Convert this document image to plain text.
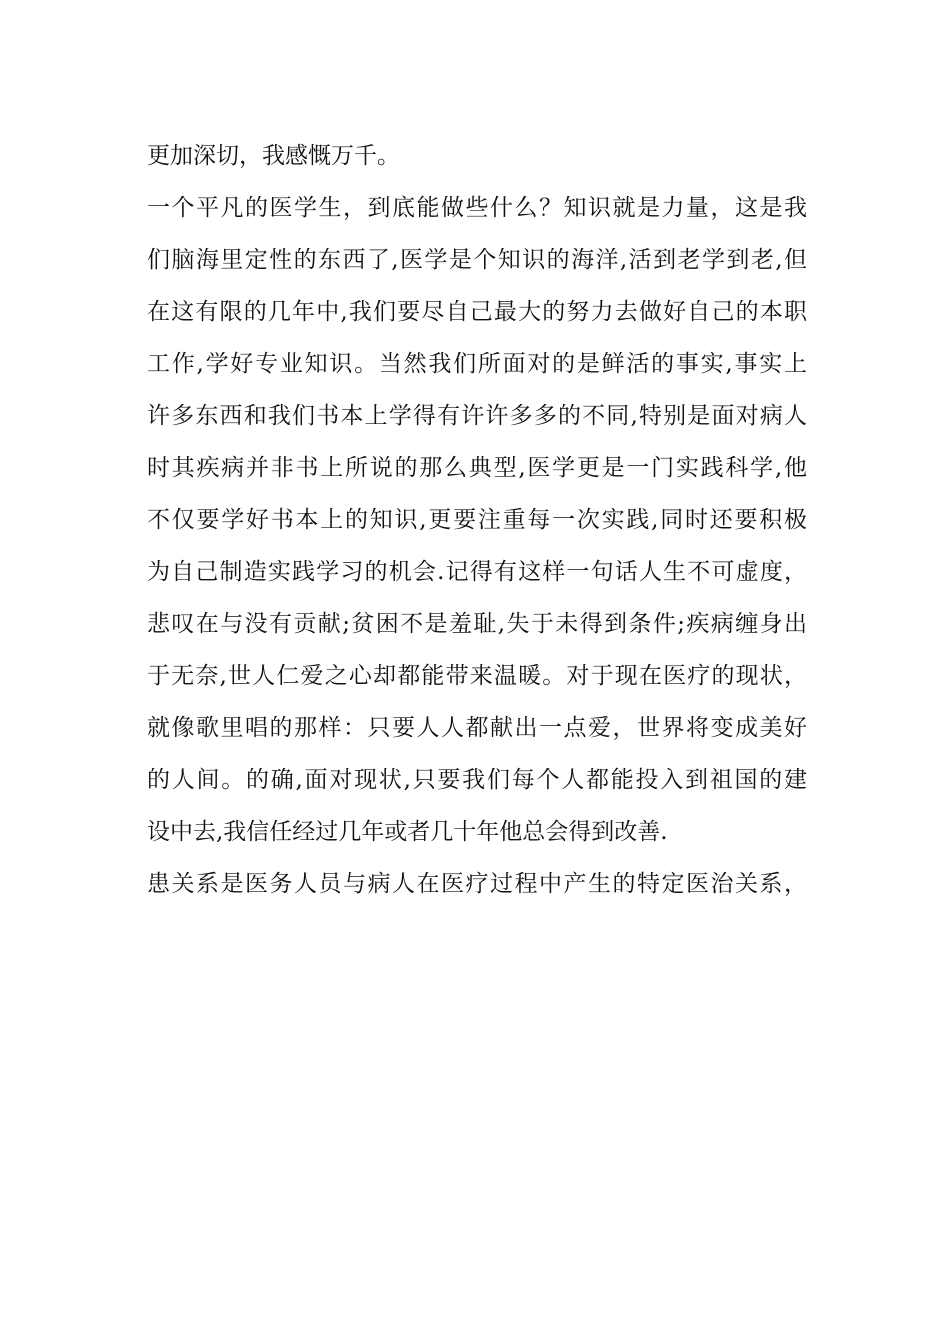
更加深切，我感慨万千。

一个平凡的医学生，到底能做些什么？知识就是力量，这是我

们脑海里定性的东西了,医学是个知识的海洋,活到老学到老,但

在这有限的几年中,我们要尽自己最大的努力去做好自己的本职

工作,学好专业知识。当然我们所面对的是鲜活的事实,事实上

许多东西和我们书本上学得有许许多多的不同,特别是面对病人

时其疾病并非书上所说的那么典型,医学更是一门实践科学,他

不仅要学好书本上的知识,更要注重每一次实践,同时还要积极

为自己制造实践学习的机会.记得有这样一句话人生不可虚度，

悲叹在与没有贡献;贫困不是羞耻,失于未得到条件;疾病缠身出

于无奈,世人仁爱之心却都能带来温暖。对于现在医疗的现状，

就像歌里唱的那样：只要人人都献出一点爱，世界将变成美好

的人间。的确,面对现状,只要我们每个人都能投入到祖国的建

设中去,我信任经过几年或者几十年他总会得到改善.

患关系是医务人员与病人在医疗过程中产生的特定医治关系，
